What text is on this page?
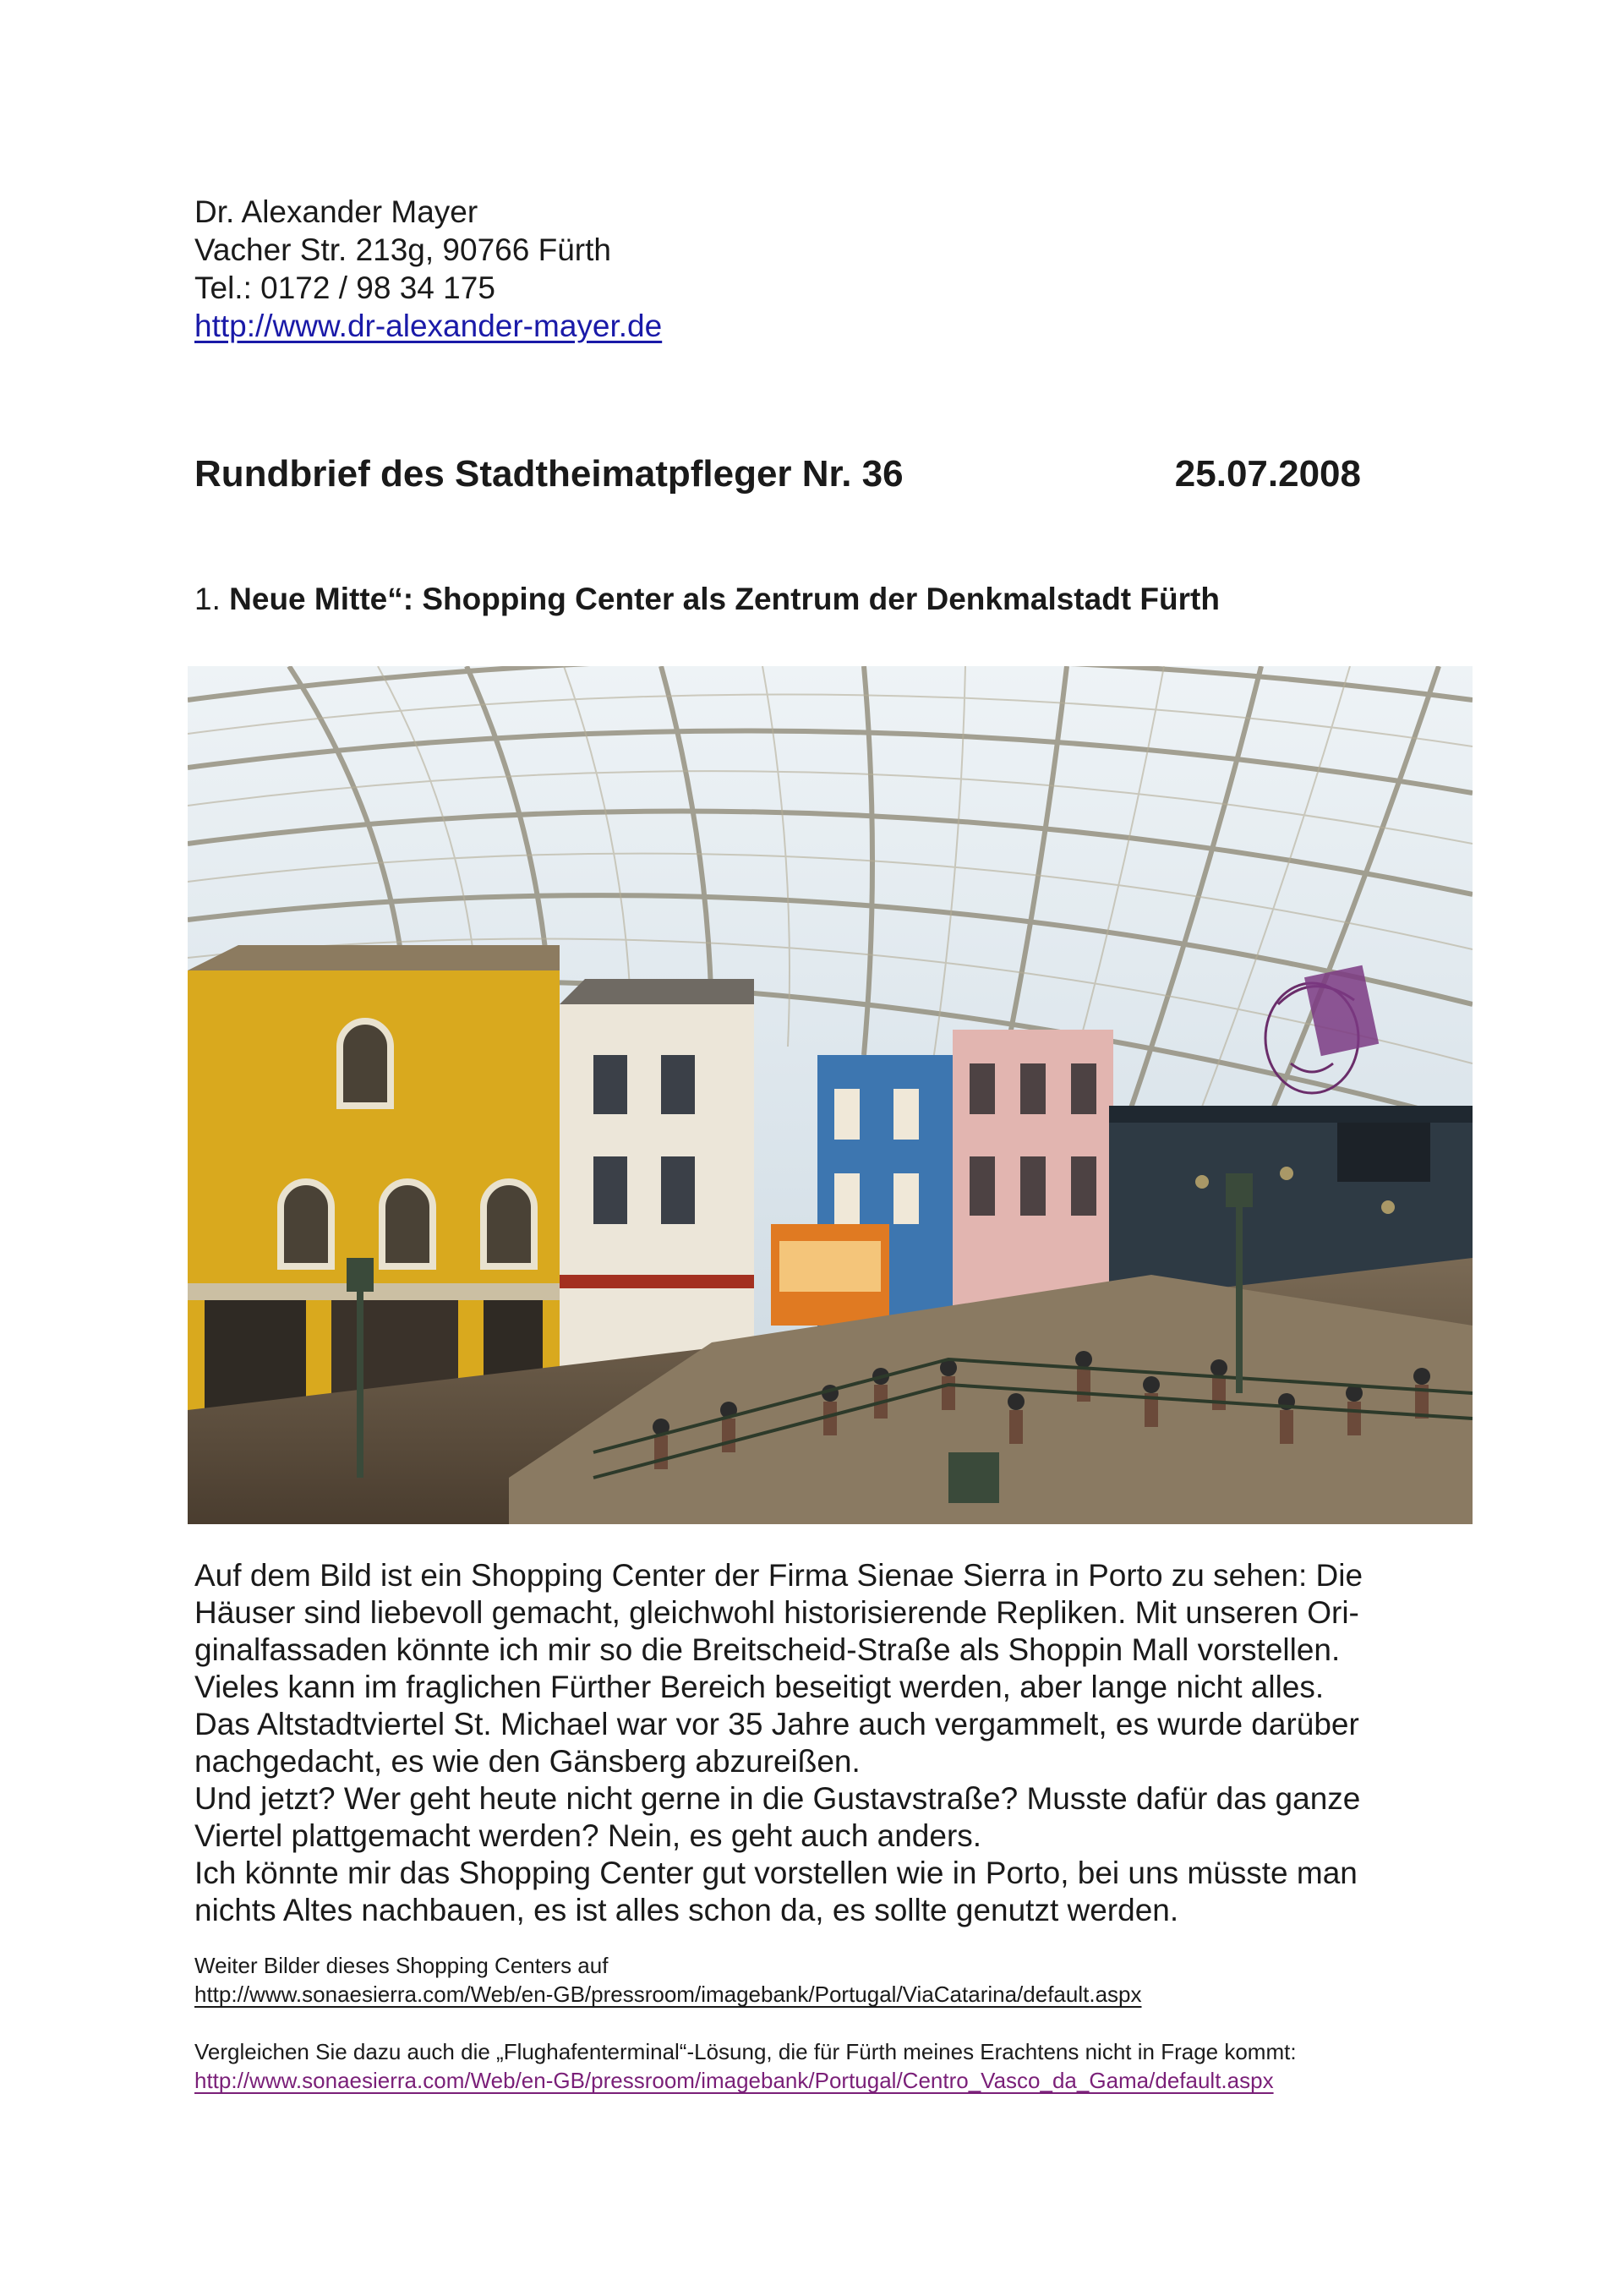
Dr. Alexander Mayer
Vacher Str. 213g, 90766 Fürth
Tel.: 0172 / 98 34 175
http://www.dr-alexander-mayer.de
Rundbrief des Stadtheimatpfleger Nr. 36	25.07.2008
1. Neue Mitte“: Shopping Center als Zentrum der Denkmalstadt Fürth
Auf dem Bild ist ein Shopping Center der Firma Sienae Sierra in Porto zu sehen: Die
Häuser sind liebevoll gemacht, gleichwohl historisierende Repliken. Mit unseren Ori-
ginalfassaden könnte ich mir so die Breitscheid-Straße als Shoppin Mall vorstellen.
Vieles kann im fraglichen Fürther Bereich beseitigt werden, aber lange nicht alles.
Das Altstadtviertel St. Michael war vor 35 Jahre auch vergammelt, es wurde darüber
nachgedacht, es wie den Gänsberg abzureißen.
Und jetzt? Wer geht heute nicht gerne in die Gustavstraße? Musste dafür das ganze
Viertel plattgemacht werden? Nein, es geht auch anders.
Ich könnte mir das Shopping Center gut vorstellen wie in Porto, bei uns müsste man
nichts Altes nachbauen, es ist alles schon da, es sollte genutzt werden.
Weiter Bilder dieses Shopping Centers auf
http://www.sonaesierra.com/Web/en-GB/pressroom/imagebank/Portugal/ViaCatarina/default.aspx
Vergleichen Sie dazu auch die „Flughafenterminal“-Lösung, die für Fürth meines Erachtens nicht in Frage kommt:
http://www.sonaesierra.com/Web/en-GB/pressroom/imagebank/Portugal/Centro_Vasco_da_Gama/default.aspx
